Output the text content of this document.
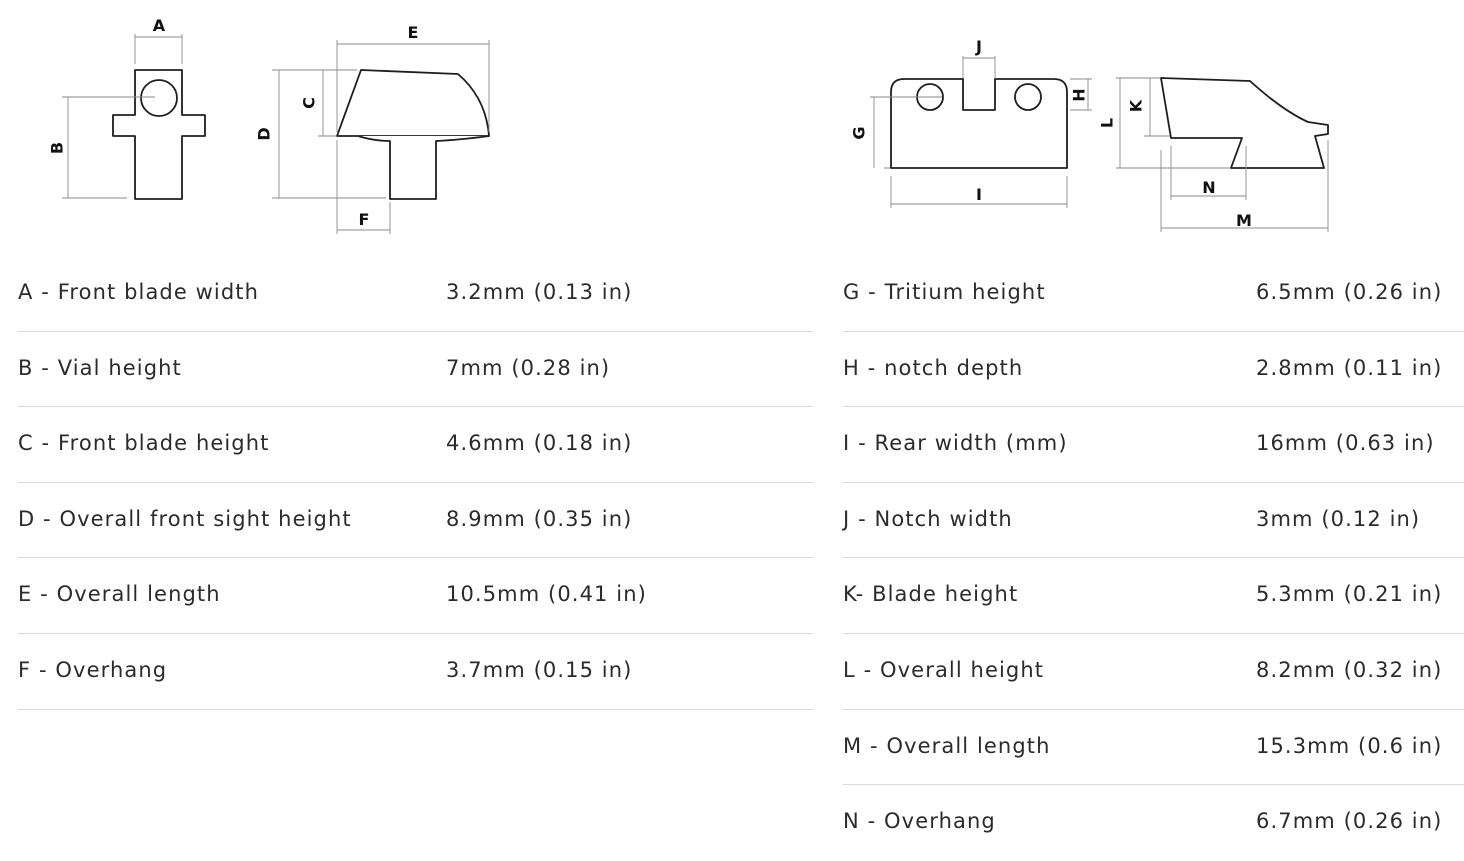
A
B
C
D
E
F
J
G
H
I
L
K
N
M
A - Front blade width	3.2mm (0.13 in)
B - Vial height	7mm (0.28 in)
C - Front blade height	4.6mm (0.18 in)
D - Overall front sight height	8.9mm (0.35 in)
E - Overall length	10.5mm (0.41 in)
F - Overhang	3.7mm (0.15 in)
G - Tritium height	6.5mm (0.26 in)
H - notch depth	2.8mm (0.11 in)
I - Rear width (mm)	16mm (0.63 in)
J - Notch width	3mm (0.12 in)
K- Blade height	5.3mm (0.21 in)
L - Overall height	8.2mm (0.32 in)
M - Overall length	15.3mm (0.6 in)
N - Overhang	6.7mm (0.26 in)
